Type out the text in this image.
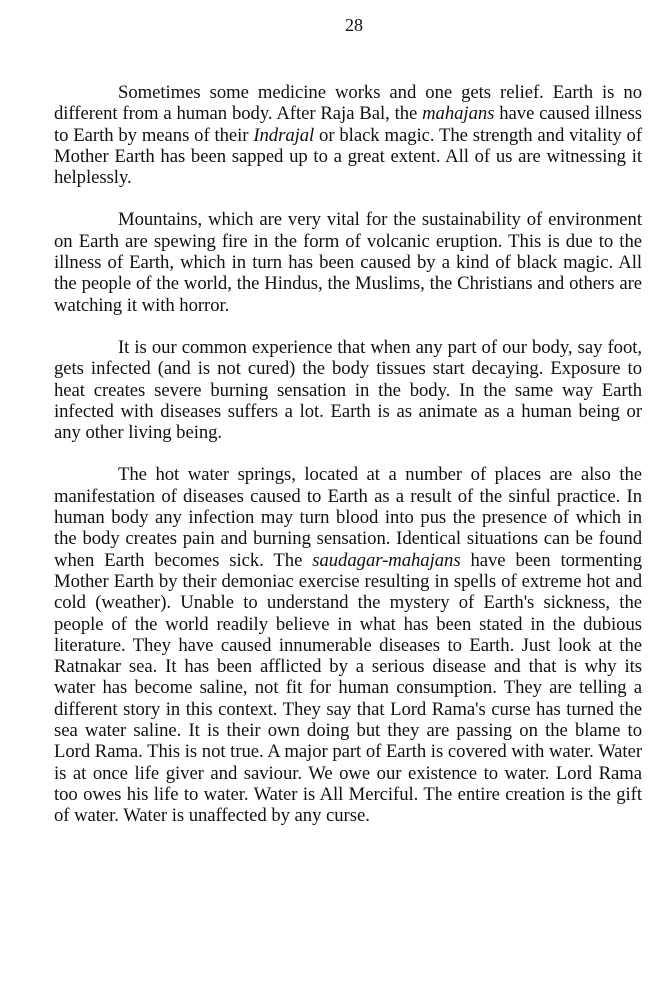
28

Sometimes some medicine works and one gets relief. Earth is no different from a human body. After Raja Bal, the mahajans have caused illness to Earth by means of their Indrajal or black magic. The strength and vitality of Mother Earth has been sapped up to a great extent. All of us are witnessing it helplessly.

Mountains, which are very vital for the sustainability of environment on Earth are spewing fire in the form of volcanic eruption. This is due to the illness of Earth, which in turn has been caused by a kind of black magic. All the people of the world, the Hindus, the Muslims, the Christians and others are watching it with horror.

It is our common experience that when any part of our body, say foot, gets infected (and is not cured) the body tissues start decaying. Exposure to heat creates severe burning sensation in the body. In the same way Earth infected with diseases suffers a lot. Earth is as animate as a human being or any other living being.

The hot water springs, located at a number of places are also the manifestation of diseases caused to Earth as a result of the sinful practice. In human body any infection may turn blood into pus the presence of which in the body creates pain and burning sensation. Identical situations can be found when Earth becomes sick. The saudagar-mahajans have been tormenting Mother Earth by their demoniac exercise resulting in spells of extreme hot and cold (weather). Unable to understand the mystery of Earth's sickness, the people of the world readily believe in what has been stated in the dubious literature. They have caused innumerable diseases to Earth. Just look at the Ratnakar sea. It has been afflicted by a serious disease and that is why its water has become saline, not fit for human consumption. They are telling a different story in this context. They say that Lord Rama's curse has turned the sea water saline. It is their own doing but they are passing on the blame to Lord Rama. This is not true. A major part of Earth is covered with water. Water is at once life giver and saviour. We owe our existence to water. Lord Rama too owes his life to water. Water is All Merciful. The entire creation is the gift of water. Water is unaffected by any curse.
